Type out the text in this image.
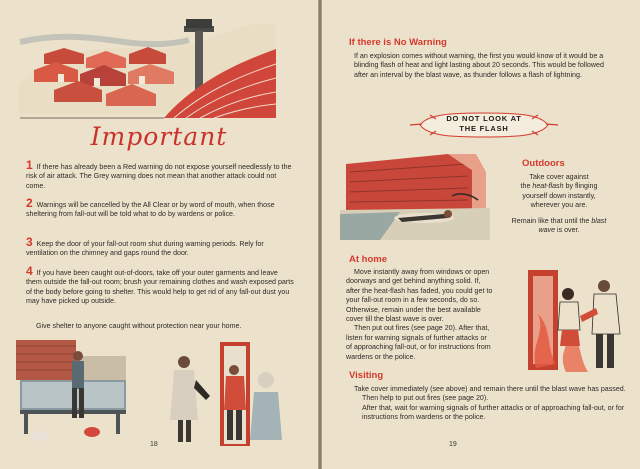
Important
1 If there has already been a Red warning do not expose yourself needlessly to the risk of air attack. The Grey warning does not mean that another attack could not come.
2 Warnings will be cancelled by the All Clear or by word of mouth, when those sheltering from fall-out will be told what to do by wardens or police.
3 Keep the door of your fall-out room shut during warning periods. Rely for ventilation on the chimney and gaps round the door.
4 If you have been caught out-of-doors, take off your outer garments and leave them outside the fall-out room; brush your remaining clothes and wash exposed parts of the body before going to shelter. This would help to get rid of any fall-out dust you may have picked up outside.
Give shelter to anyone caught without protection near your home.
18
If there is No Warning
If an explosion comes without warning, the first you would know of it would be a blinding flash of heat and light lasting about 20 seconds. This would be followed after an interval by the blast wave, as thunder follows a flash of lightning.
DO NOT LOOK AT
THE FLASH
Outdoors
Take cover against
the heat-flash by flinging
yourself down instantly,
wherever you are.
Remain like that until the blast
wave is over.
At home
Move instantly away from windows or open
doorways and get behind anything solid. If,
after the heat-flash has faded, you could get to
your fall-out room in a few seconds, do so.
Otherwise, remain under the best available
cover till the blast wave is over.
Then put out fires (see page 20). After that,
listen for warning signals of further attacks or
of approaching fall-out, or for instructions from
wardens or the police.
Visiting
Take cover immediately (see above) and remain there until the blast wave has passed.
Then help to put out fires (see page 20).
After that, wait for warning signals of further attacks or of approaching fall-out, or for instructions from wardens or the police.
19
